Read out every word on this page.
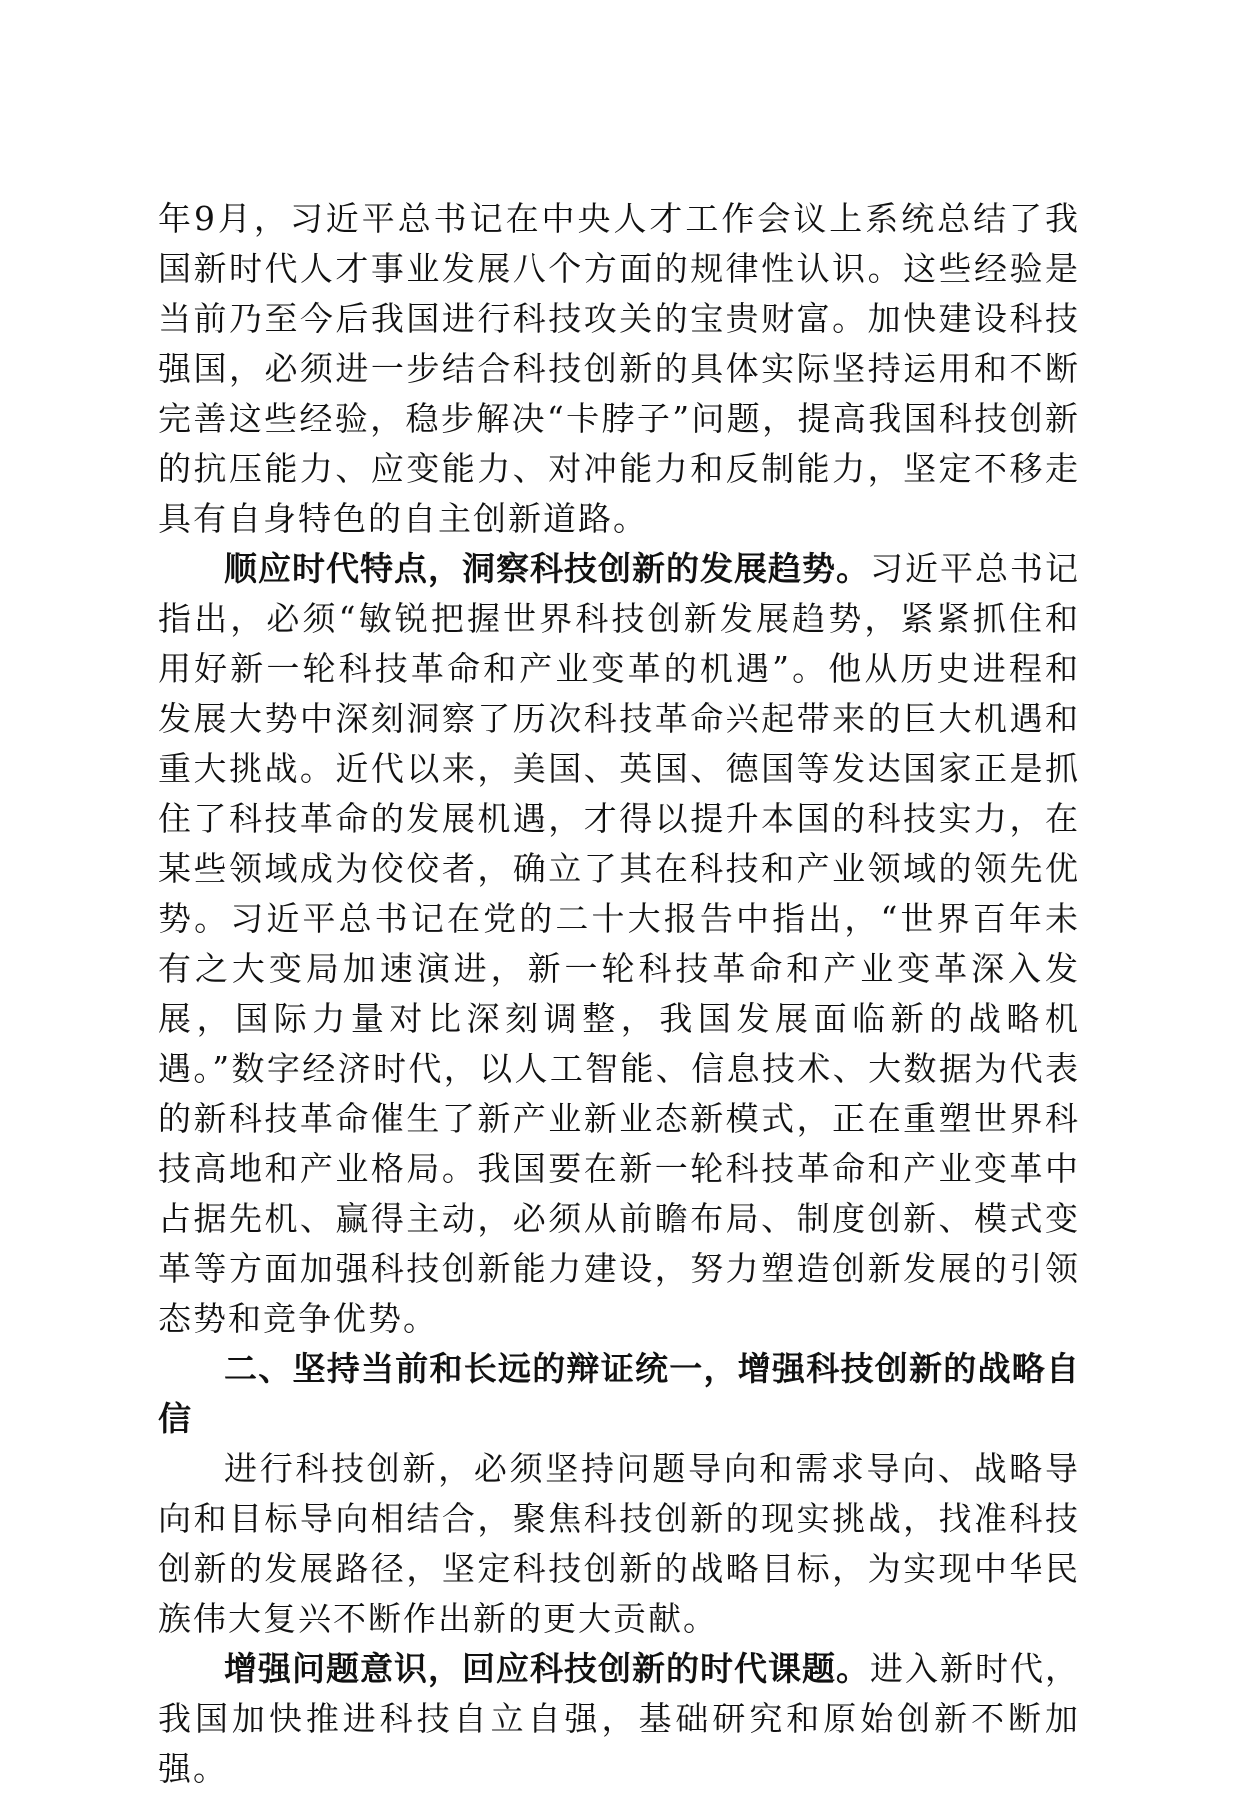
年9月，习近平总书记在中央人才工作会议上系统总结了我国新时代人才事业发展八个方面的规律性认识。这些经验是当前乃至今后我国进行科技攻关的宝贵财富。加快建设科技强国，必须进一步结合科技创新的具体实际坚持运用和不断完善这些经验，稳步解决“卡脖子”问题，提高我国科技创新的抗压能力、应变能力、对冲能力和反制能力，坚定不移走具有自身特色的自主创新道路。

顺应时代特点，洞察科技创新的发展趋势。习近平总书记指出，必须“敏锐把握世界科技创新发展趋势，紧紧抓住和用好新一轮科技革命和产业变革的机遇”。他从历史进程和发展大势中深刻洞察了历次科技革命兴起带来的巨大机遇和重大挑战。近代以来，美国、英国、德国等发达国家正是抓住了科技革命的发展机遇，才得以提升本国的科技实力，在某些领域成为佼佼者，确立了其在科技和产业领域的领先优势。习近平总书记在党的二十大报告中指出，“世界百年未有之大变局加速演进，新一轮科技革命和产业变革深入发展，国际力量对比深刻调整，我国发展面临新的战略机遇。”数字经济时代，以人工智能、信息技术、大数据为代表的新科技革命催生了新产业新业态新模式，正在重塑世界科技高地和产业格局。我国要在新一轮科技革命和产业变革中占据先机、赢得主动，必须从前瞻布局、制度创新、模式变革等方面加强科技创新能力建设，努力塑造创新发展的引领态势和竞争优势。

二、坚持当前和长远的辩证统一，增强科技创新的战略自信

进行科技创新，必须坚持问题导向和需求导向、战略导向和目标导向相结合，聚焦科技创新的现实挑战，找准科技创新的发展路径，坚定科技创新的战略目标，为实现中华民族伟大复兴不断作出新的更大贡献。

增强问题意识，回应科技创新的时代课题。进入新时代，我国加快推进科技自立自强，基础研究和原始创新不断加强。
